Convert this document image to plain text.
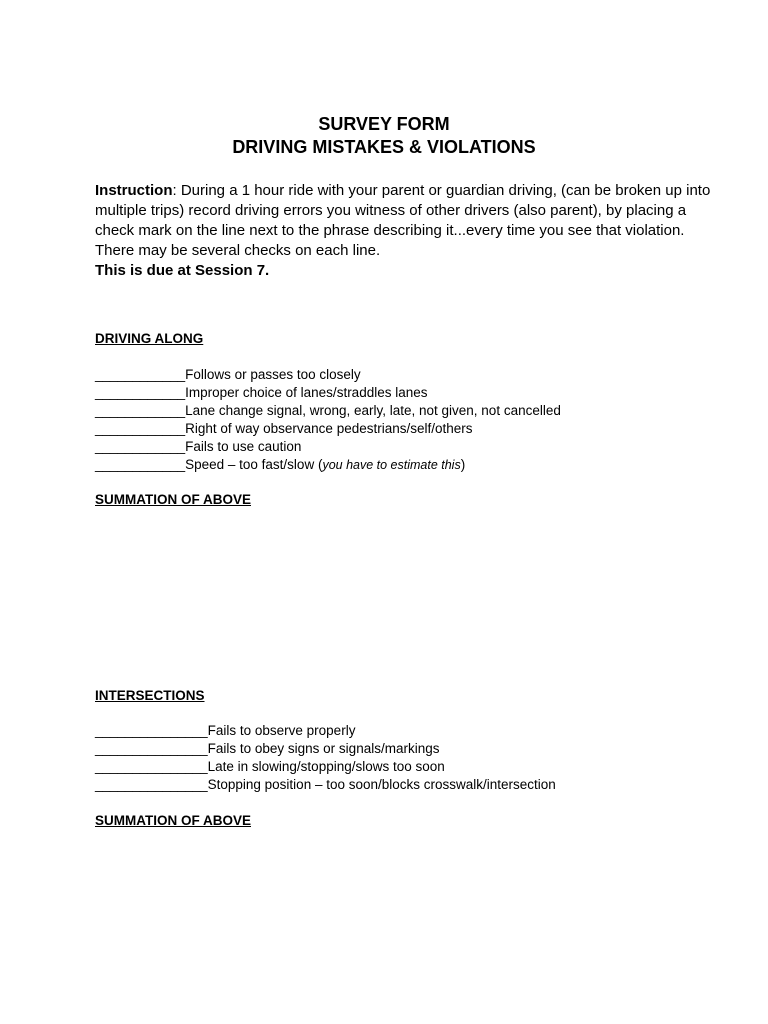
SURVEY FORM
DRIVING MISTAKES & VIOLATIONS
Instruction: During a 1 hour ride with your parent or guardian driving, (can be broken up into multiple trips) record driving errors you witness of other drivers (also parent), by placing a check mark on the line next to the phrase describing it...every time you see that violation. There may be several checks on each line.
This is due at Session 7.
DRIVING ALONG
____________Follows or passes too closely
____________Improper choice of lanes/straddles lanes
____________Lane change signal, wrong, early, late, not given, not cancelled
____________Right of way observance pedestrians/self/others
____________Fails to use caution
____________Speed – too fast/slow (you have to estimate this)
SUMMATION OF ABOVE
INTERSECTIONS
_______________Fails to observe properly
_______________Fails to obey signs or signals/markings
_______________Late in slowing/stopping/slows too soon
_______________Stopping position – too soon/blocks crosswalk/intersection
SUMMATION OF ABOVE
